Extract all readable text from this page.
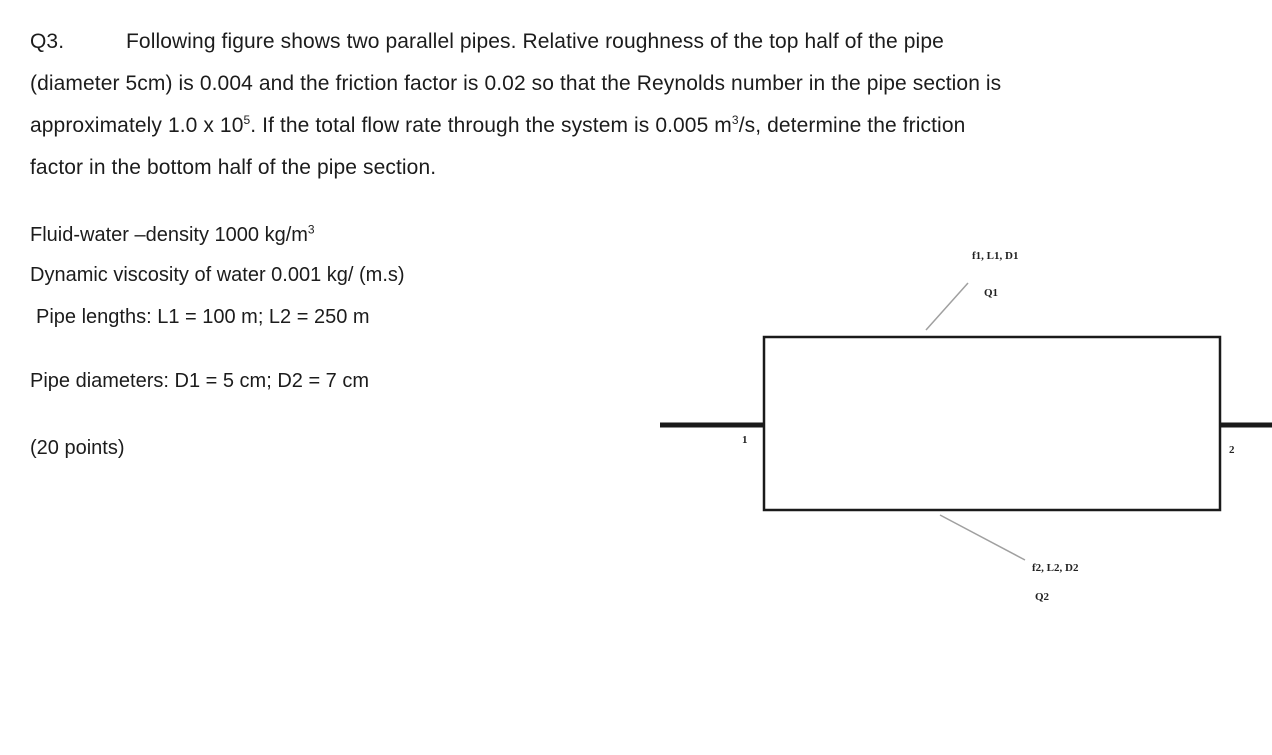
Q3.	Following figure shows two parallel pipes. Relative roughness of the top half of the pipe
(diameter 5cm) is 0.004 and the friction factor is 0.02 so that the Reynolds number in the pipe section is
approximately 1.0 x $10^5$. If the total flow rate through the system is 0.005 $m^3/s$, determine the friction
factor in the bottom half of the pipe section.
Fluid-water –density 1000 $kg/m^3$
Dynamic viscosity of water 0.001 kg/ (m.s)
Pipe lengths: L1 = 100 m; L2 = 250 m
Pipe diameters: D1 = 5 cm; D2 = 7 cm
(20 points)
f1, L1, D1
Q1
f2, L2, D2
Q2
1
2
